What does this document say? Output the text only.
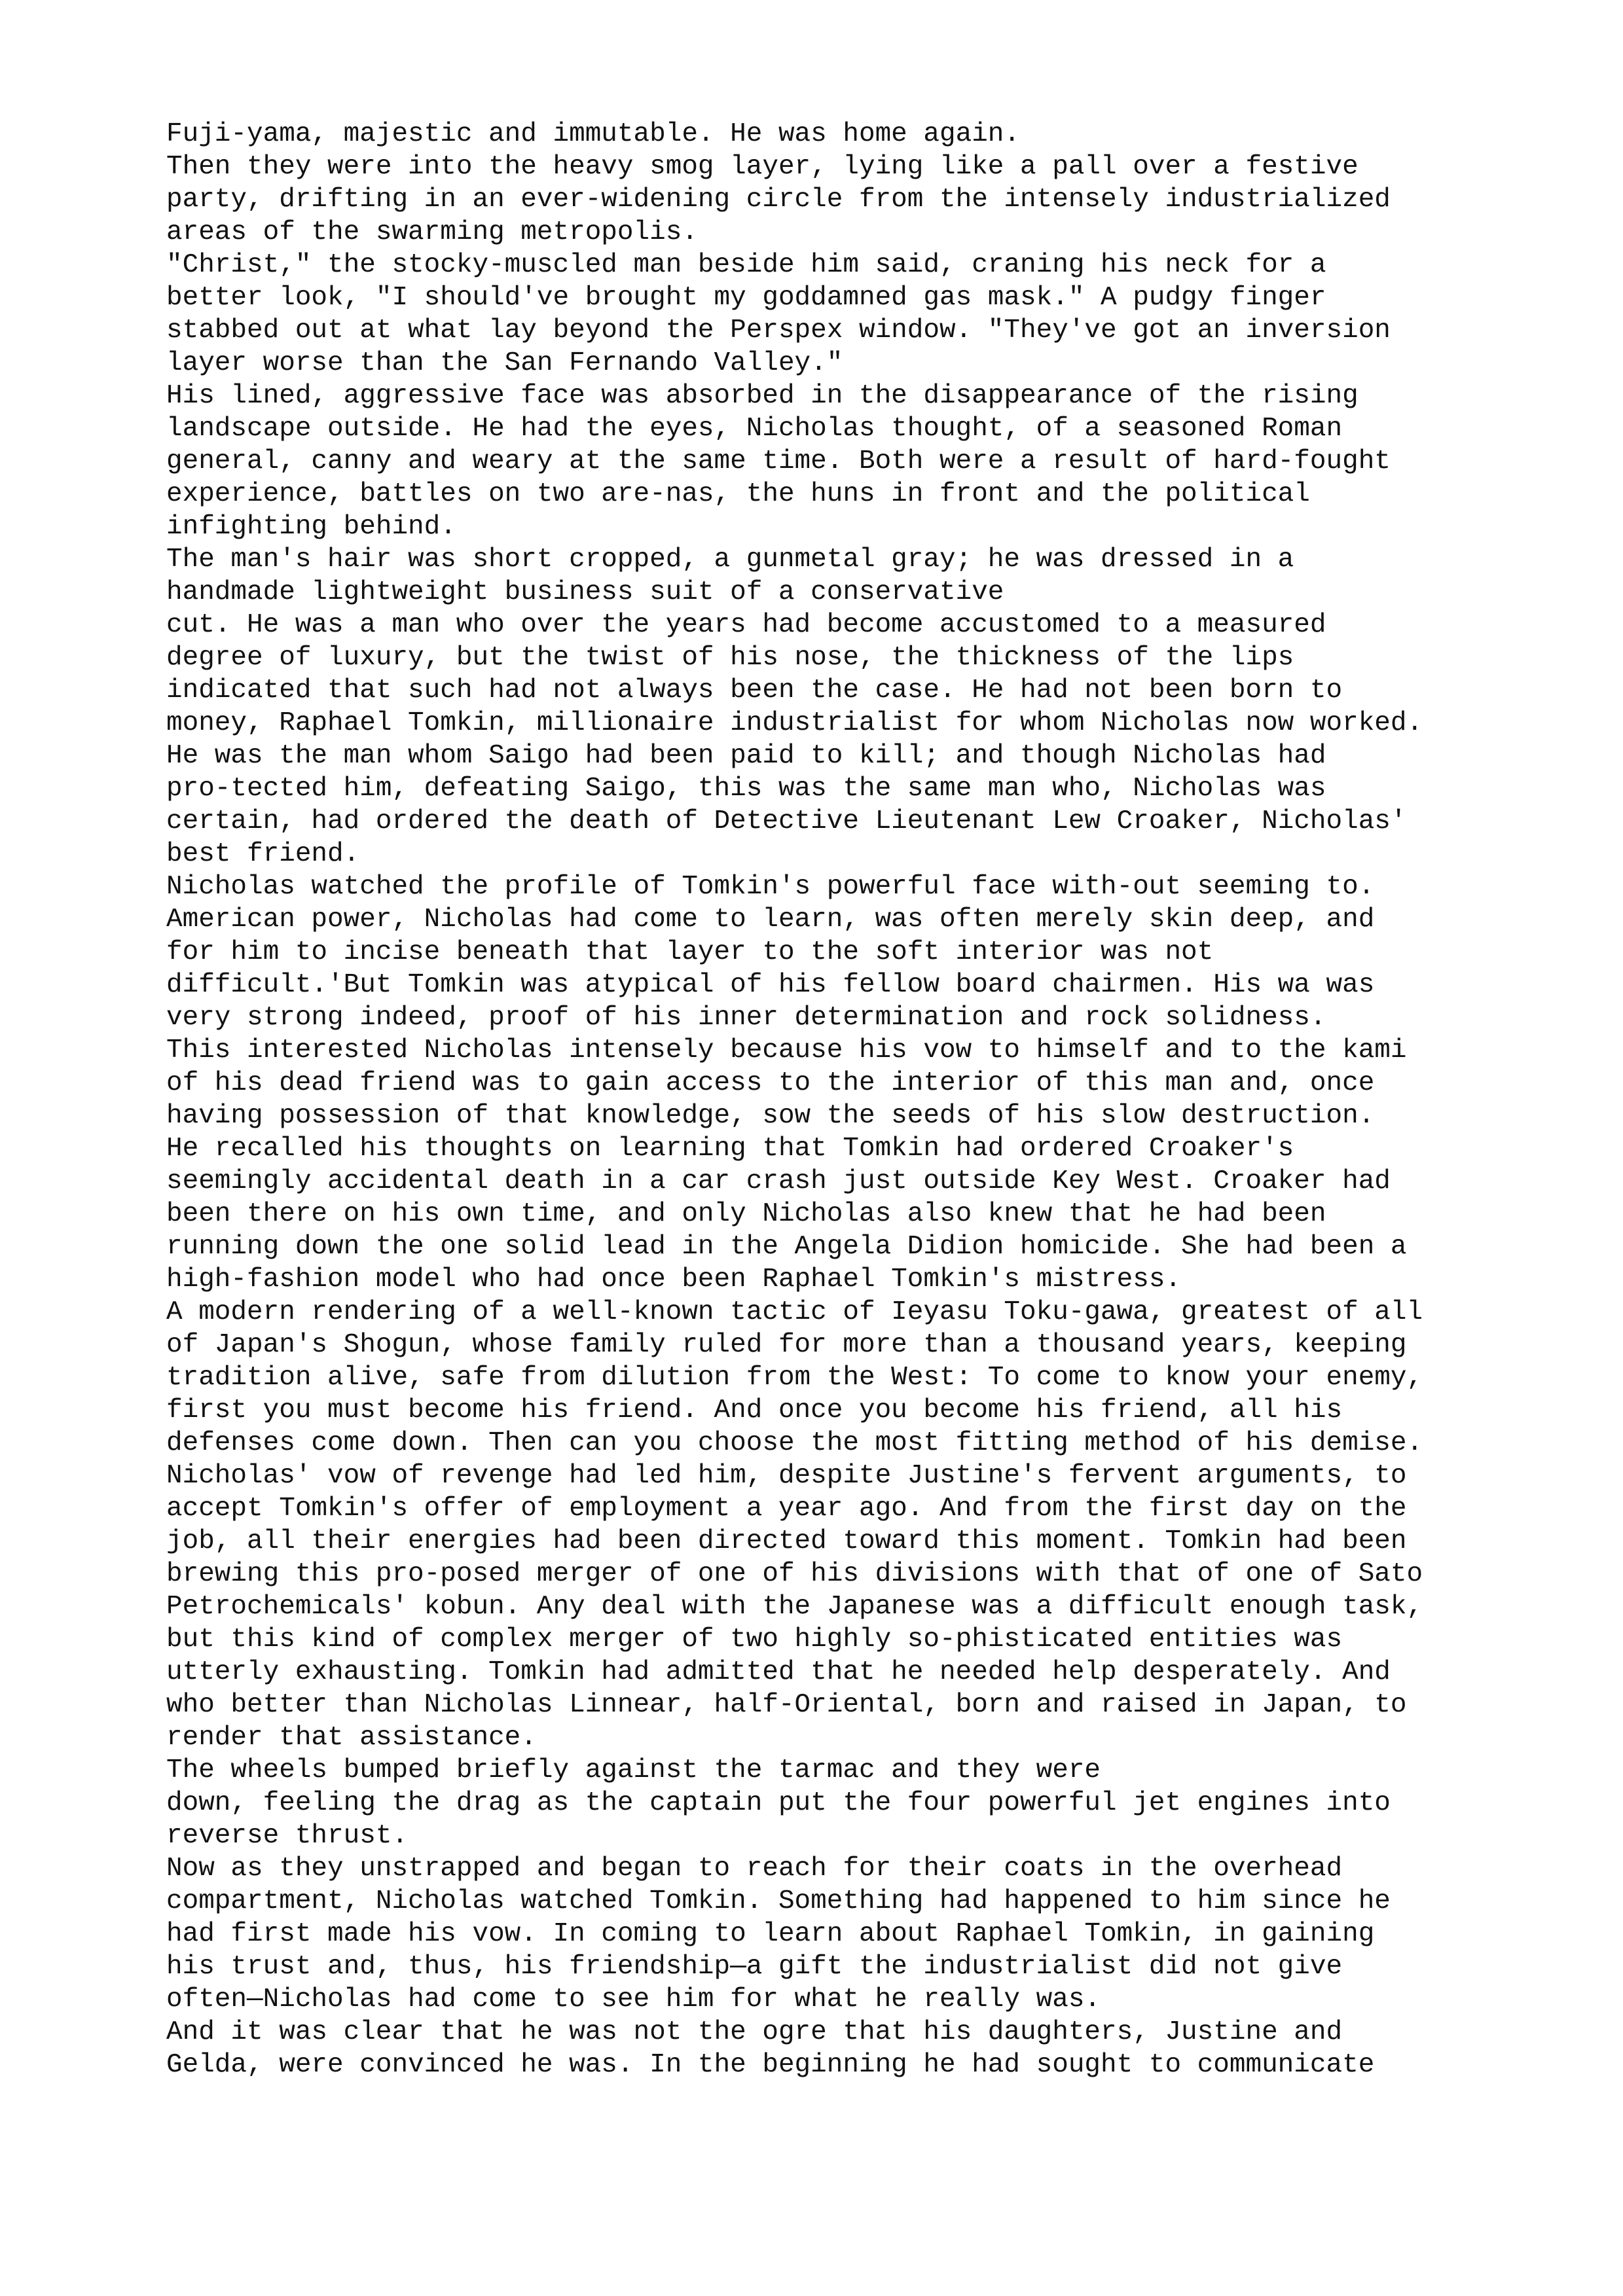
Fuji-yama, majestic and immutable. He was home again.
Then they were into the heavy smog layer, lying like a pall over a festive
party, drifting in an ever-widening circle from the intensely industrialized
areas of the swarming metropolis.
"Christ," the stocky-muscled man beside him said, craning his neck for a
better look, "I should've brought my goddamned gas mask." A pudgy finger
stabbed out at what lay beyond the Perspex window. "They've got an inversion
layer worse than the San Fernando Valley."
His lined, aggressive face was absorbed in the disappearance of the rising
landscape outside. He had the eyes, Nicholas thought, of a seasoned Roman
general, canny and weary at the same time. Both were a result of hard-fought
experience, battles on two are-nas, the huns in front and the political
infighting behind.
The man's hair was short cropped, a gunmetal gray; he was dressed in a
handmade lightweight business suit of a conservative
cut. He was a man who over the years had become accustomed to a measured
degree of luxury, but the twist of his nose, the thickness of the lips
indicated that such had not always been the case. He had not been born to
money, Raphael Tomkin, millionaire industrialist for whom Nicholas now worked.
He was the man whom Saigo had been paid to kill; and though Nicholas had
pro-tected him, defeating Saigo, this was the same man who, Nicholas was
certain, had ordered the death of Detective Lieutenant Lew Croaker, Nicholas'
best friend.
Nicholas watched the profile of Tomkin's powerful face with-out seeming to.
American power, Nicholas had come to learn, was often merely skin deep, and
for him to incise beneath that layer to the soft interior was not
difficult.'But Tomkin was atypical of his fellow board chairmen. His wa was
very strong indeed, proof of his inner determination and rock solidness.
This interested Nicholas intensely because his vow to himself and to the kami
of his dead friend was to gain access to the interior of this man and, once
having possession of that knowledge, sow the seeds of his slow destruction.
He recalled his thoughts on learning that Tomkin had ordered Croaker's
seemingly accidental death in a car crash just outside Key West. Croaker had
been there on his own time, and only Nicholas also knew that he had been
running down the one solid lead in the Angela Didion homicide. She had been a
high-fashion model who had once been Raphael Tomkin's mistress.
A modern rendering of a well-known tactic of Ieyasu Toku-gawa, greatest of all
of Japan's Shogun, whose family ruled for more than a thousand years, keeping
tradition alive, safe from dilution from the West: To come to know your enemy,
first you must become his friend. And once you become his friend, all his
defenses come down. Then can you choose the most fitting method of his demise.
Nicholas' vow of revenge had led him, despite Justine's fervent arguments, to
accept Tomkin's offer of employment a year ago. And from the first day on the
job, all their energies had been directed toward this moment. Tomkin had been
brewing this pro-posed merger of one of his divisions with that of one of Sato
Petrochemicals' kobun. Any deal with the Japanese was a difficult enough task,
but this kind of complex merger of two highly so-phisticated entities was
utterly exhausting. Tomkin had admitted that he needed help desperately. And
who better than Nicholas Linnear, half-Oriental, born and raised in Japan, to
render that assistance.
The wheels bumped briefly against the tarmac and they were
down, feeling the drag as the captain put the four powerful jet engines into
reverse thrust.
Now as they unstrapped and began to reach for their coats in the overhead
compartment, Nicholas watched Tomkin. Something had happened to him since he
had first made his vow. In coming to learn about Raphael Tomkin, in gaining
his trust and, thus, his friendship—a gift the industrialist did not give
often—Nicholas had come to see him for what he really was.
And it was clear that he was not the ogre that his daughters, Justine and
Gelda, were convinced he was. In the beginning he had sought to communicate
